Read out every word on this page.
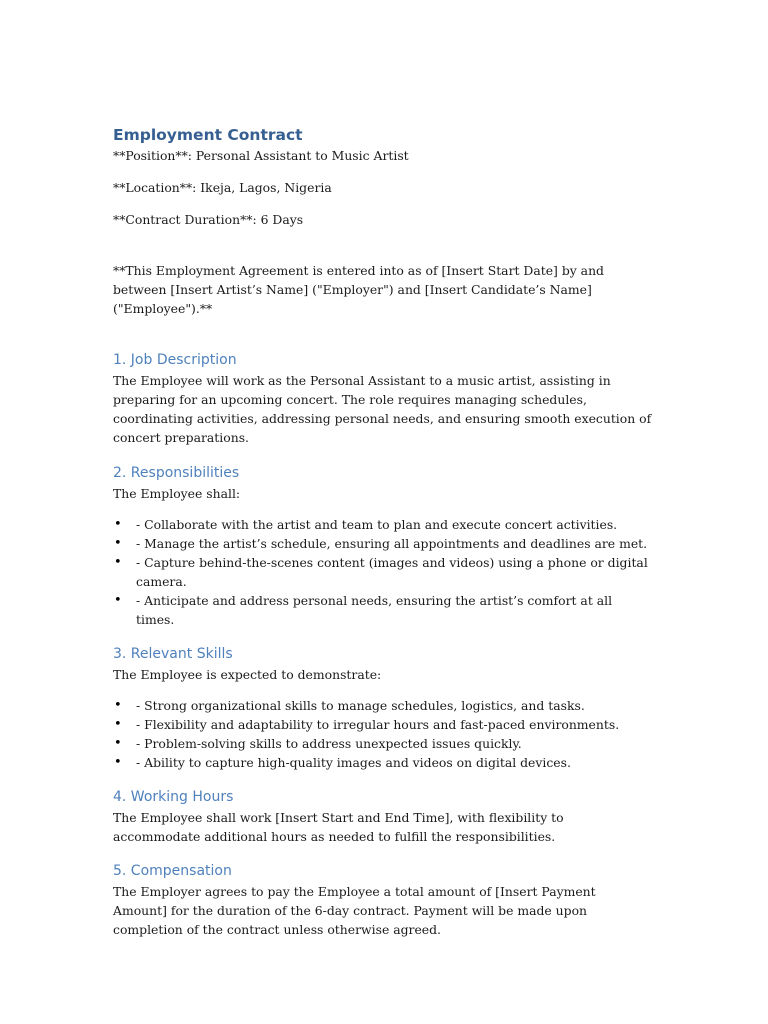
Employment Contract

**Position**: Personal Assistant to Music Artist

**Location**: Ikeja, Lagos, Nigeria

**Contract Duration**: 6 Days

**This Employment Agreement is entered into as of [Insert Start Date] by and between [Insert Artist’s Name] ("Employer") and [Insert Candidate’s Name] ("Employee").**

1. Job Description

The Employee will work as the Personal Assistant to a music artist, assisting in preparing for an upcoming concert. The role requires managing schedules, coordinating activities, addressing personal needs, and ensuring smooth execution of concert preparations.

2. Responsibilities

The Employee shall:

• - Collaborate with the artist and team to plan and execute concert activities.
• - Manage the artist’s schedule, ensuring all appointments and deadlines are met.
• - Capture behind-the-scenes content (images and videos) using a phone or digital camera.
• - Anticipate and address personal needs, ensuring the artist’s comfort at all times.
3. Relevant Skills

The Employee is expected to demonstrate:

• - Strong organizational skills to manage schedules, logistics, and tasks.
• - Flexibility and adaptability to irregular hours and fast-paced environments.
• - Problem-solving skills to address unexpected issues quickly.
• - Ability to capture high-quality images and videos on digital devices.
4. Working Hours

The Employee shall work [Insert Start and End Time], with flexibility to accommodate additional hours as needed to fulfill the responsibilities.

5. Compensation

The Employer agrees to pay the Employee a total amount of [Insert Payment Amount] for the duration of the 6-day contract. Payment will be made upon completion of the contract unless otherwise agreed.
